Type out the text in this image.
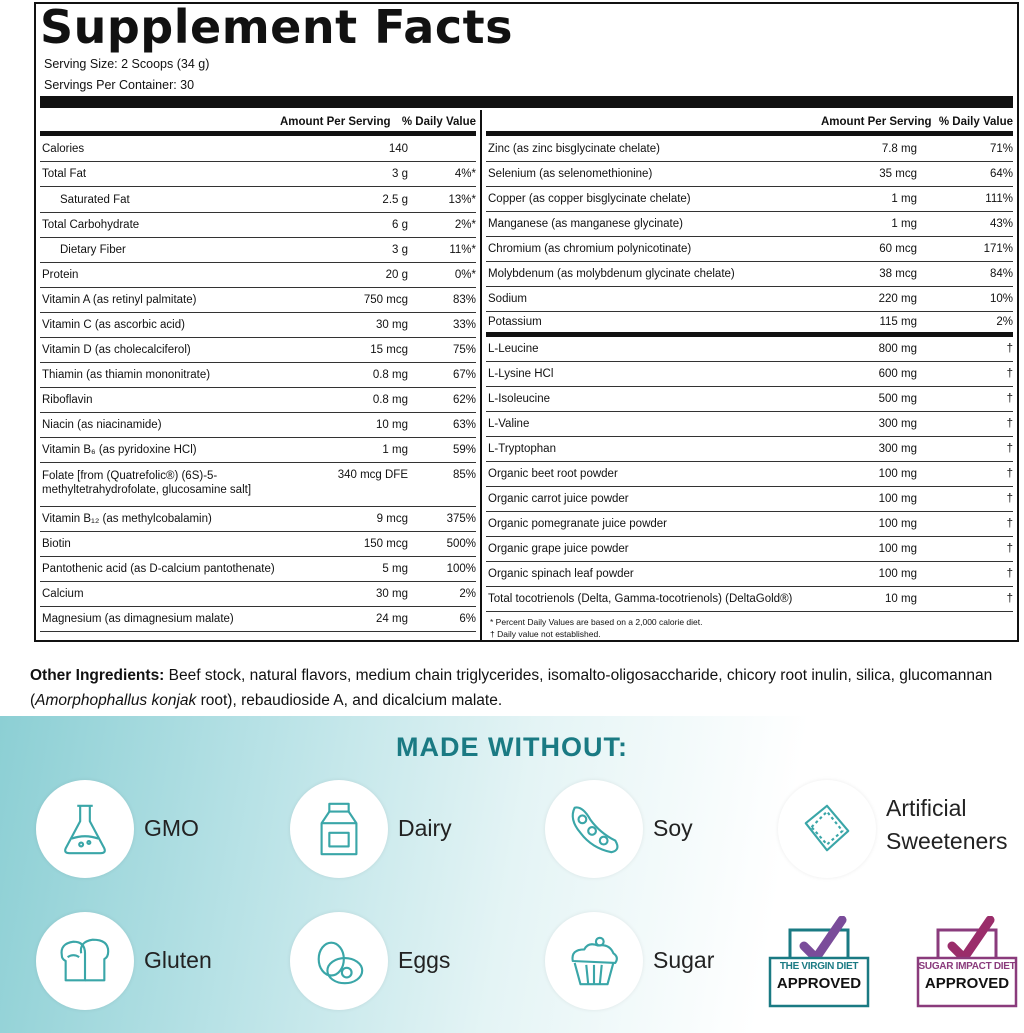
Supplement Facts
Serving Size: 2 Scoops (34 g)
Servings Per Container: 30
Amount Per Serving % Daily Value
Calories	140
Total Fat	3 g	4%*
Saturated Fat	2.5 g	13%*
Total Carbohydrate	6 g	2%*
Dietary Fiber	3 g	11%*
Protein	20 g	0%*
Vitamin A (as retinyl palmitate)	750 mcg	83%
Vitamin C (as ascorbic acid)	30 mg	33%
Vitamin D (as cholecalciferol)	15 mcg	75%
Thiamin (as thiamin mononitrate)	0.8 mg	67%
Riboflavin	0.8 mg	62%
Niacin (as niacinamide)	10 mg	63%
Vitamin B₆ (as pyridoxine HCl)	1 mg	59%
Folate [from (Quatrefolic®) (6S)-5-methyltetrahydrofolate, glucosamine salt]
340 mcg DFE	85%
Vitamin B₁₂ (as methylcobalamin)	9 mcg	375%
Biotin	150 mcg	500%
Pantothenic acid (as D-calcium pantothenate)	5 mg	100%
Calcium	30 mg	2%
Magnesium (as dimagnesium malate)	24 mg	6%
Amount Per Serving % Daily Value
Zinc (as zinc bisglycinate chelate)	7.8 mg	71%
Selenium (as selenomethionine)	35 mcg	64%
Copper (as copper bisglycinate chelate)	1 mg	111%
Manganese (as manganese glycinate)	1 mg	43%
Chromium (as chromium polynicotinate)	60 mcg	171%
Molybdenum (as molybdenum glycinate chelate)	38 mcg	84%
Sodium	220 mg	10%
Potassium	115 mg	2%
L-Leucine	800 mg	†
L-Lysine HCl	600 mg	†
L-Isoleucine	500 mg	†
L-Valine	300 mg	†
L-Tryptophan	300 mg	†
Organic beet root powder	100 mg	†
Organic carrot juice powder	100 mg	†
Organic pomegranate juice powder	100 mg	†
Organic grape juice powder	100 mg	†
Organic spinach leaf powder	100 mg	†
Total tocotrienols (Delta, Gamma-tocotrienols) (DeltaGold®)	10 mg	†
* Percent Daily Values are based on a 2,000 calorie diet.
† Daily value not established.
Other Ingredients: Beef stock, natural flavors, medium chain triglycerides, isomalto-oligosaccharide, chicory root inulin, silica, glucomannan (Amorphophallus konjak root), rebaudioside A, and dicalcium malate.
MADE WITHOUT:
GMO	Dairy	Soy
Artificial Sweeteners
Gluten	Eggs	Sugar	THE VIRGIN DIET
APPROVED
SUGAR IMPACT DIET
APPROVED
